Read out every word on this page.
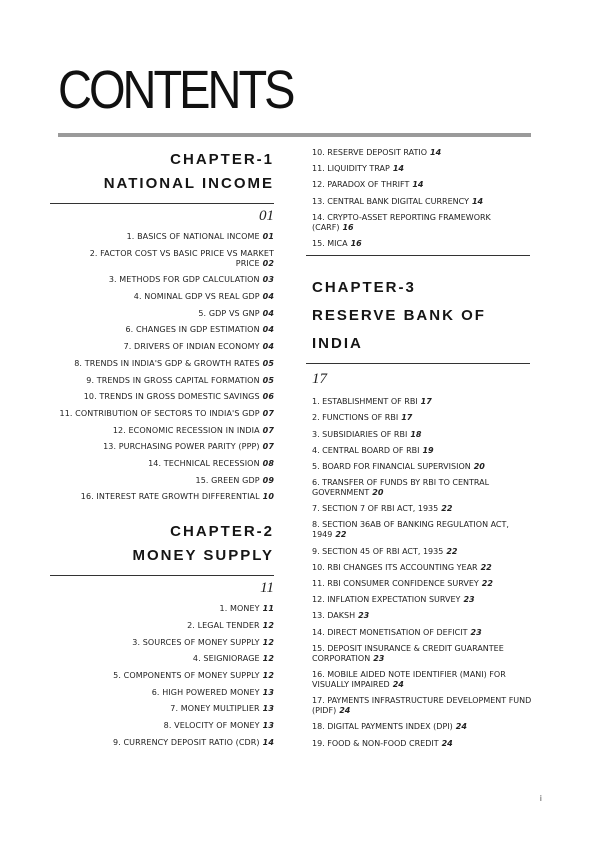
CONTENTS
CHAPTER-1
NATIONAL INCOME
01
1. BASICS OF NATIONAL INCOME 01
2. FACTOR COST VS BASIC PRICE VS MARKET PRICE 02
3. METHODS FOR GDP CALCULATION 03
4. NOMINAL GDP VS REAL GDP 04
5. GDP VS GNP 04
6. CHANGES IN GDP ESTIMATION 04
7. DRIVERS OF INDIAN ECONOMY 04
8. TRENDS IN INDIA'S GDP & GROWTH RATES 05
9. TRENDS IN GROSS CAPITAL FORMATION 05
10. TRENDS IN GROSS DOMESTIC SAVINGS 06
11. CONTRIBUTION OF SECTORS TO INDIA'S GDP 07
12. ECONOMIC RECESSION IN INDIA 07
13. PURCHASING POWER PARITY (PPP) 07
14. TECHNICAL RECESSION 08
15. GREEN GDP 09
16. INTEREST RATE GROWTH DIFFERENTIAL 10
CHAPTER-2
MONEY SUPPLY
11
1. MONEY 11
2. LEGAL TENDER 12
3. SOURCES OF MONEY SUPPLY 12
4. SEIGNIORAGE 12
5. COMPONENTS OF MONEY SUPPLY 12
6. HIGH POWERED MONEY 13
7. MONEY MULTIPLIER 13
8. VELOCITY OF MONEY 13
9. CURRENCY DEPOSIT RATIO (CDR) 14
10. RESERVE DEPOSIT RATIO 14
11. LIQUIDITY TRAP 14
12. PARADOX OF THRIFT 14
13. CENTRAL BANK DIGITAL CURRENCY 14
14. CRYPTO-ASSET REPORTING FRAMEWORK (CARF) 16
15. MICA 16
CHAPTER-3
RESERVE BANK OF
INDIA
17
1. ESTABLISHMENT OF RBI 17
2. FUNCTIONS OF RBI 17
3. SUBSIDIARIES OF RBI 18
4. CENTRAL BOARD OF RBI 19
5. BOARD FOR FINANCIAL SUPERVISION 20
6. TRANSFER OF FUNDS BY RBI TO CENTRAL GOVERNMENT 20
7. SECTION 7 OF RBI ACT, 1935 22
8. SECTION 36AB OF BANKING REGULATION ACT, 1949 22
9. SECTION 45 OF RBI ACT, 1935 22
10. RBI CHANGES ITS ACCOUNTING YEAR 22
11. RBI CONSUMER CONFIDENCE SURVEY 22
12. INFLATION EXPECTATION SURVEY 23
13. DAKSH 23
14. DIRECT MONETISATION OF DEFICIT 23
15. DEPOSIT INSURANCE & CREDIT GUARANTEE CORPORATION 23
16. MOBILE AIDED NOTE IDENTIFIER (MANI) FOR VISUALLY IMPAIRED 24
17. PAYMENTS INFRASTRUCTURE DEVELOPMENT FUND (PIDF) 24
18. DIGITAL PAYMENTS INDEX (DPI) 24
19. FOOD & NON-FOOD CREDIT 24
i
